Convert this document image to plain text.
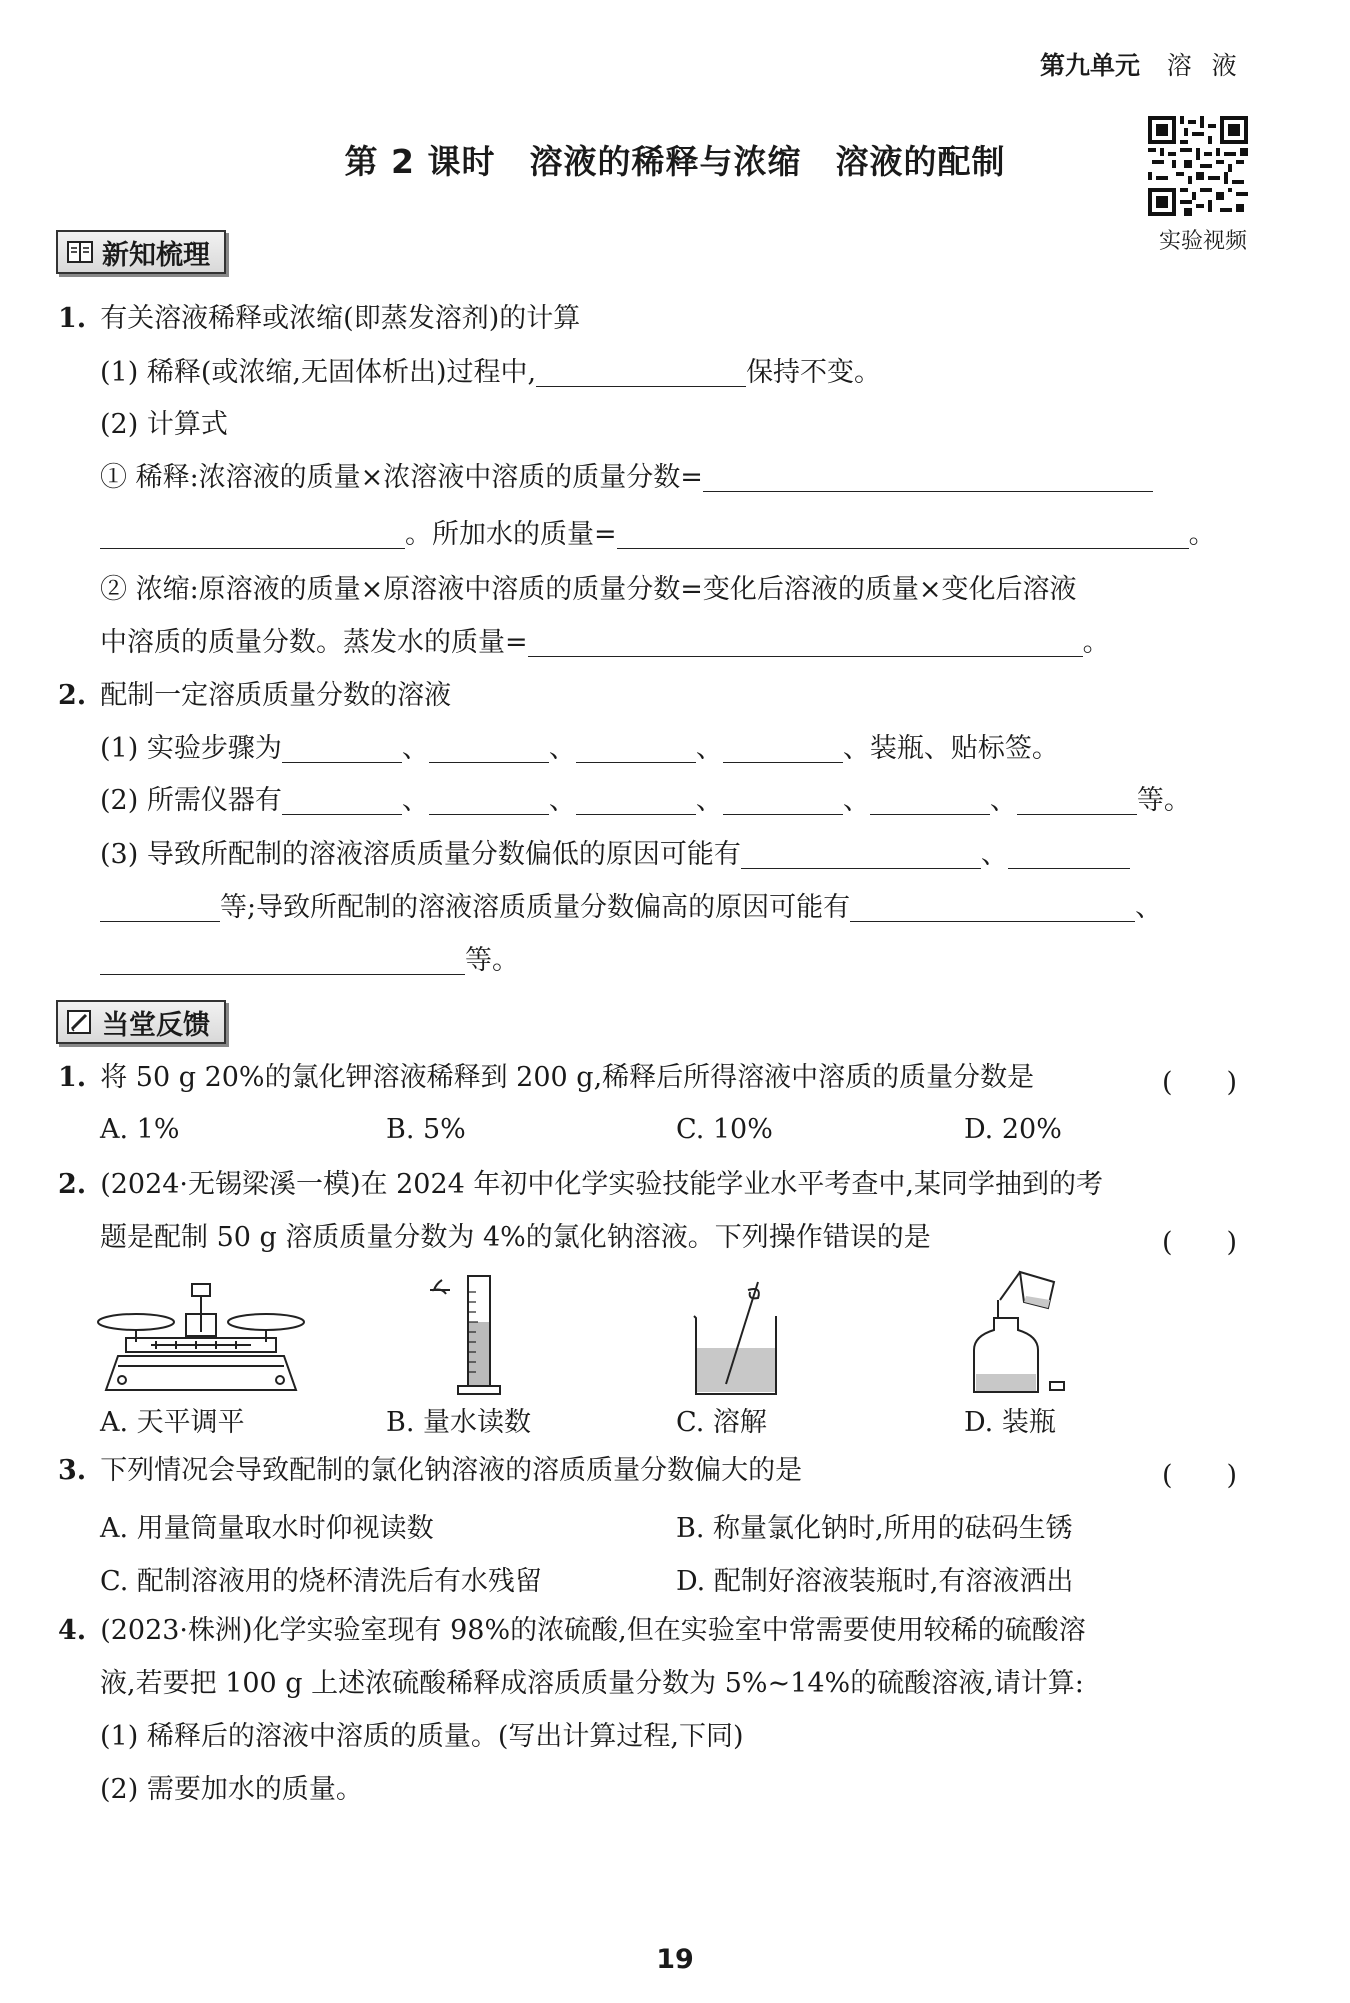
第九单元 溶 液
第 2 课时　溶液的稀释与浓缩　溶液的配制
实验视频
新知梳理
1. 有关溶液稀释或浓缩(即蒸发溶剂)的计算
(1) 稀释(或浓缩,无固体析出)过程中,	保持不变。
(2) 计算式
① 稀释:浓溶液的质量×浓溶液中溶质的质量分数=
。所加水的质量=	。
② 浓缩:原溶液的质量×原溶液中溶质的质量分数=变化后溶液的质量×变化后溶液
中溶质的质量分数。蒸发水的质量=	。
2. 配制一定溶质质量分数的溶液
(1) 实验步骤为	、	、	、	、装瓶、贴标签。
(2) 所需仪器有	、	、	、	、	、	等。
(3) 导致所配制的溶液溶质质量分数偏低的原因可能有	、
等;导致所配制的溶液溶质质量分数偏高的原因可能有	、
等。
当堂反馈
1. 将 50 g 20%的氯化钾溶液稀释到 200 g,稀释后所得溶液中溶质的质量分数是	(　　)
A. 1%	B. 5%	C. 10%	D. 20%
2. (2024·无锡梁溪一模)在 2024 年初中化学实验技能学业水平考查中,某同学抽到的考
题是配制 50 g 溶质质量分数为 4%的氯化钠溶液。下列操作错误的是	(　　)
A. 天平调平	B. 量水读数	C. 溶解	D. 装瓶
3. 下列情况会导致配制的氯化钠溶液的溶质质量分数偏大的是	(　　)
A. 用量筒量取水时仰视读数	B. 称量氯化钠时,所用的砝码生锈
C. 配制溶液用的烧杯清洗后有水残留	D. 配制好溶液装瓶时,有溶液洒出
4. (2023·株洲)化学实验室现有 98%的浓硫酸,但在实验室中常需要使用较稀的硫酸溶
液,若要把 100 g 上述浓硫酸稀释成溶质质量分数为 5%~14%的硫酸溶液,请计算:
(1) 稀释后的溶液中溶质的质量。(写出计算过程,下同)
(2) 需要加水的质量。
19
